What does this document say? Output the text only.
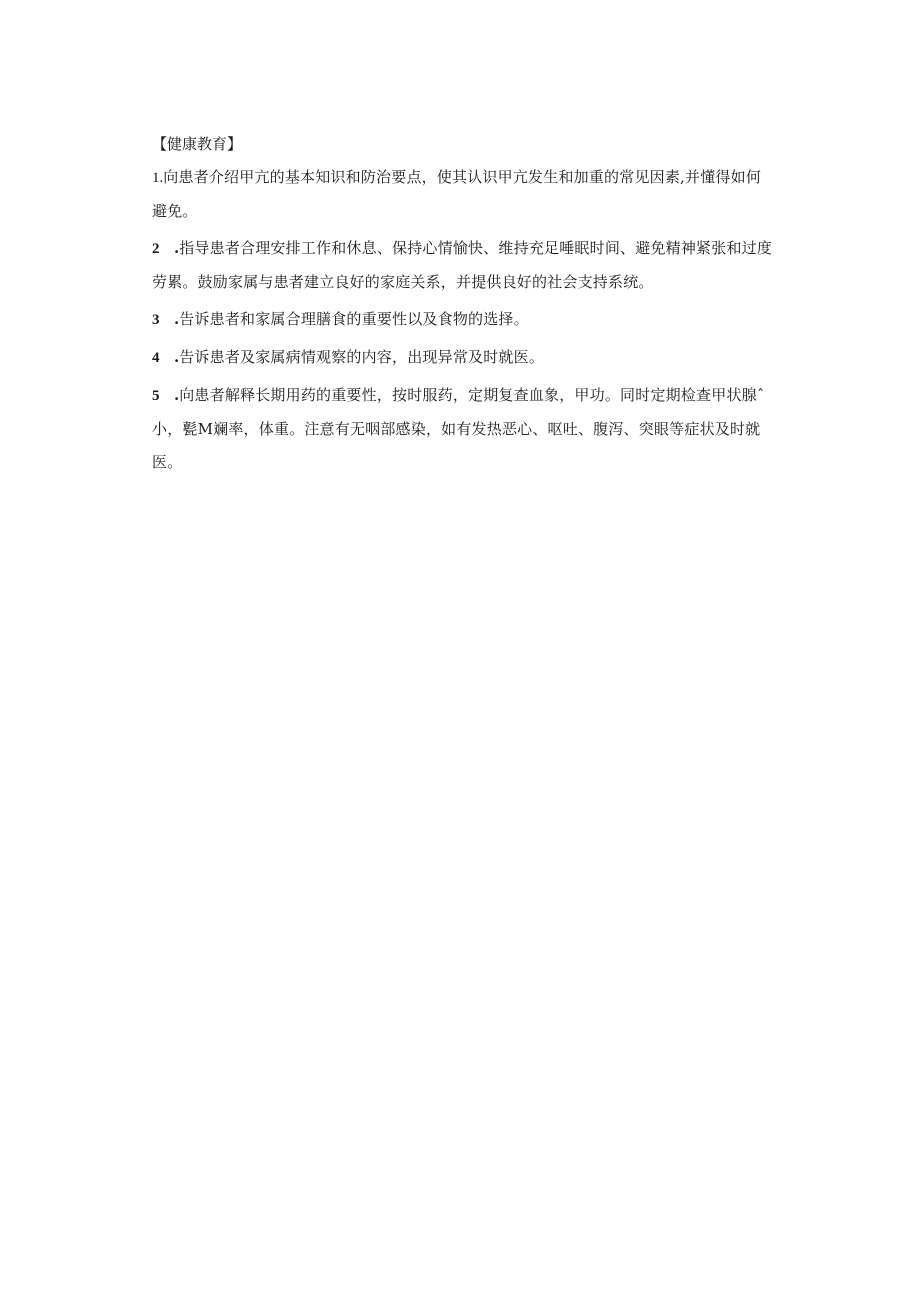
【健康教育】
1.向患者介绍甲亢的基本知识和防治要点，使其认识甲亢发生和加重的常见因素,并懂得如何避免。
2 .指导患者合理安排工作和休息、保持心情愉快、维持充足唾眠时间、避免精神紧张和过度劳累。鼓励家属与患者建立良好的家庭关系，并提供良好的社会支持系统。
3 .告诉患者和家属合理膳食的重要性以及食物的选择。
4 .告诉患者及家属病情观察的内容，出现异常及时就医。
5 .向患者解释长期用药的重要性，按时服药，定期复查血象，甲功。同时定期检查甲状腺ˆ小，甏M斓率，体重。注意有无咽部感染，如有发热恶心、呕吐、腹泻、突眼等症状及时就医。
